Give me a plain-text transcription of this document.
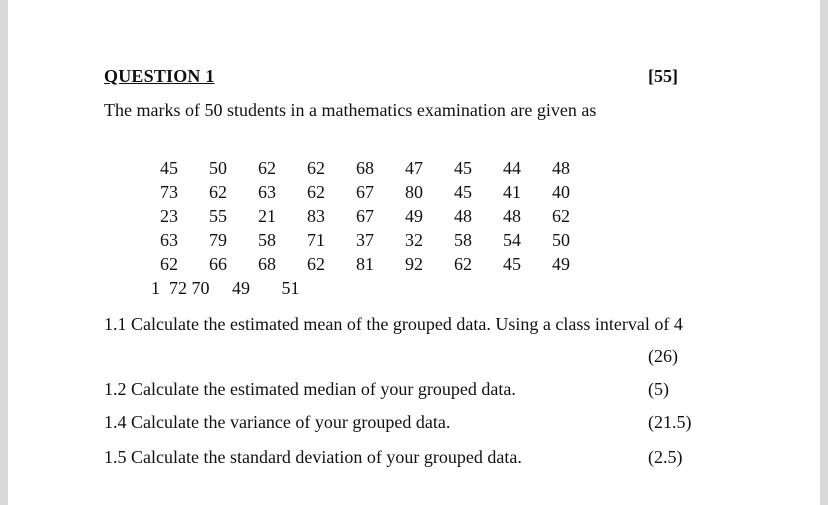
QUESTION 1	[55]
The marks of 50 students in a mathematics examination are given as
45	50	62	62	68	47	45	44	48
73	62	63	62	67	80	45	41	40
23	55	21	83	67	49	48	48	62
63	79	58	71	37	32	58	54	50
62	66	68	62	81	92	62	45	49
1  72 70     49       51
1.1 Calculate the estimated mean of the grouped data. Using a class interval of 4
(26)
1.2 Calculate the estimated median of your grouped data.	(5)
1.4 Calculate the variance of your grouped data.	(21.5)
1.5 Calculate the standard deviation of your grouped data.	(2.5)
